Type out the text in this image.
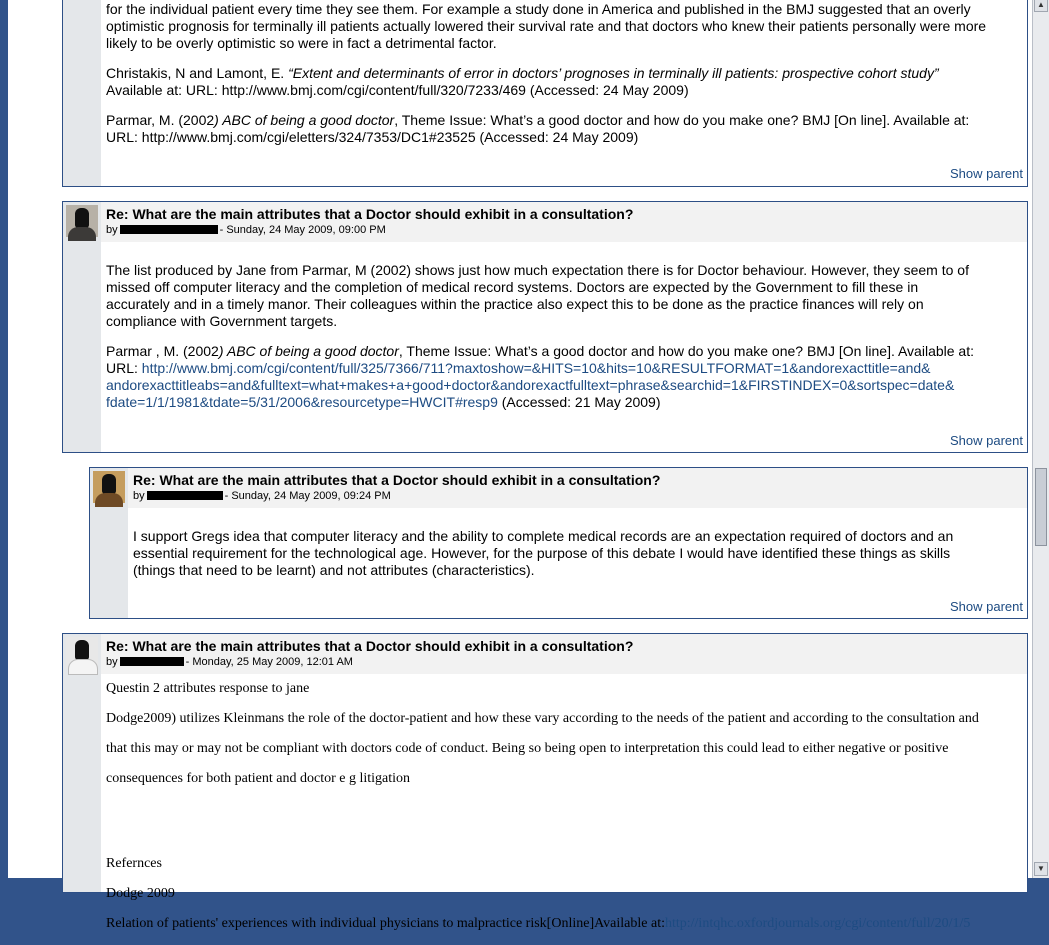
for the individual patient every time they see them. For example a study done in America and published in the BMJ suggested that an overly
optimistic prognosis for terminally ill patients actually lowered their survival rate and that doctors who knew their patients personally were more
likely to be overly optimistic so were in fact a detrimental factor.

Christakis, N and Lamont, E. “Extent and determinants of error in doctors’ prognoses in terminally ill patients: prospective cohort study”
Available at: URL: http://www.bmj.com/cgi/content/full/320/7233/469 (Accessed: 24 May 2009)

Parmar, M. (2002) ABC of being a good doctor, Theme Issue: What’s a good doctor and how do you make one? BMJ [On line]. Available at:
URL: http://www.bmj.com/cgi/eletters/324/7353/DC1#23525 (Accessed: 24 May 2009)

Show parent
Re: What are the main attributes that a Doctor should exhibit in a consultation?
by	- Sunday, 24 May 2009, 09:00 PM

The list produced by Jane from Parmar, M (2002) shows just how much expectation there is for Doctor behaviour. However, they seem to of
missed off computer literacy and the completion of medical record systems. Doctors are expected by the Government to fill these in
accurately and in a timely manor. Their colleagues within the practice also expect this to be done as the practice finances will rely on
compliance with Government targets.

Parmar , M. (2002) ABC of being a good doctor, Theme Issue: What’s a good doctor and how do you make one? BMJ [On line]. Available at:
URL: http://www.bmj.com/cgi/content/full/325/7366/711?maxtoshow=&HITS=10&hits=10&RESULTFORMAT=1&andorexacttitle=and&
andorexacttitleabs=and&fulltext=what+makes+a+good+doctor&andorexactfulltext=phrase&searchid=1&FIRSTINDEX=0&sortspec=date&
fdate=1/1/1981&tdate=5/31/2006&resourcetype=HWCIT#resp9 (Accessed: 21 May 2009)

Show parent
Re: What are the main attributes that a Doctor should exhibit in a consultation?
by	- Sunday, 24 May 2009, 09:24 PM

I support Gregs idea that computer literacy and the ability to complete medical records are an expectation required of doctors and an
essential requirement for the technological age. However, for the purpose of this debate I would have identified these things as skills
(things that need to be learnt) and not attributes (characteristics).

Show parent
Re: What are the main attributes that a Doctor should exhibit in a consultation?
by	- Monday, 25 May 2009, 12:01 AM

Questin 2 attributes response to jane

Dodge2009) utilizes Kleinmans the role of the doctor-patient and how these vary according to the needs of the patient and according to the consultation and

that this may or may not be compliant with doctors code of conduct. Being so being open to interpretation this could lead to either negative or positive

consequences for both patient and doctor e g litigation

Refernces

Dodge 2009

Relation of patients' experiences with individual physicians to malpractice risk[Online]Available at:http://intqhc.oxfordjournals.org/cgi/content/full/20/1/5

▲
▼
